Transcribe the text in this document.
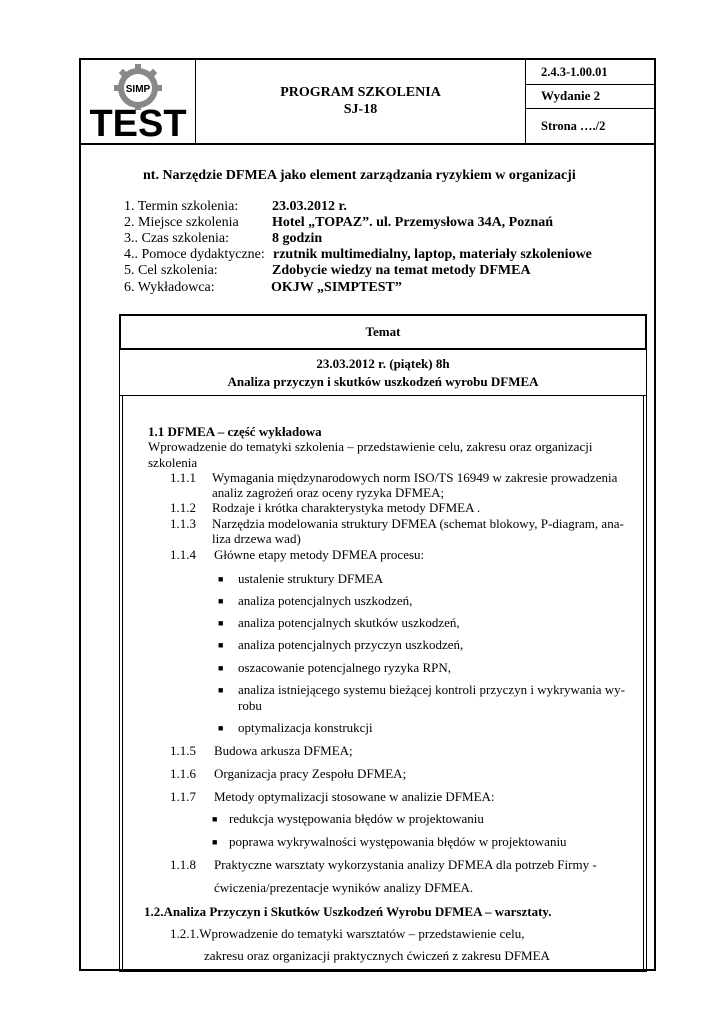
SIMP
TEST
PROGRAM SZKOLENIA
SJ-18
2.4.3-1.00.01
Wydanie 2
Strona …./2
nt. Narzędzie DFMEA jako element zarządzania ryzykiem w organizacji
1. Termin szkolenia: 23.03.2012 r.
2. Miejsce szkolenia Hotel „TOPAZ”. ul. Przemysłowa 34A, Poznań
3.. Czas szkolenia:	8 godzin
4.. Pomoce dydaktyczne: rzutnik multimedialny, laptop, materiały szkoleniowe
5. Cel szkolenia:	Zdobycie wiedzy na temat metody DFMEA
6. Wykładowca:	OKJW „SIMPTEST”
Temat
23.03.2012 r. (piątek) 8h
Analiza przyczyn i skutków uszkodzeń wyrobu DFMEA
1.1 DFMEA – część wykładowa
Wprowadzenie do tematyki szkolenia – przedstawienie celu, zakresu oraz organizacji
szkolenia
1.1.1 Wymagania międzynarodowych norm ISO/TS 16949 w zakresie prowadzenia
analiz zagrożeń oraz oceny ryzyka DFMEA;
1.1.2 Rodzaje i krótka charakterystyka metody DFMEA .
1.1.3 Narzędzia modelowania struktury DFMEA (schemat blokowy, P-diagram, ana-
liza drzewa wad)
1.1.4 Główne etapy metody DFMEA procesu:
■ ustalenie struktury DFMEA
■ analiza potencjalnych uszkodzeń,
■ analiza potencjalnych skutków uszkodzeń,
■ analiza potencjalnych przyczyn uszkodzeń,
■ oszacowanie potencjalnego ryzyka RPN,
■ analiza istniejącego systemu bieżącej kontroli przyczyn i wykrywania wy-
robu
■ optymalizacja konstrukcji
1.1.5 Budowa arkusza DFMEA;
1.1.6 Organizacja pracy Zespołu DFMEA;
1.1.7 Metody optymalizacji stosowane w analizie DFMEA:
■ redukcja występowania błędów w projektowaniu
■ poprawa wykrywalności występowania błędów w projektowaniu
1.1.8 Praktyczne warsztaty wykorzystania analizy DFMEA dla potrzeb Firmy -
ćwiczenia/prezentacje wyników analizy DFMEA.
1.2.Analiza Przyczyn i Skutków Uszkodzeń Wyrobu DFMEA – warsztaty.
1.2.1.Wprowadzenie do tematyki warsztatów – przedstawienie celu,
zakresu oraz organizacji praktycznych ćwiczeń z zakresu DFMEA
